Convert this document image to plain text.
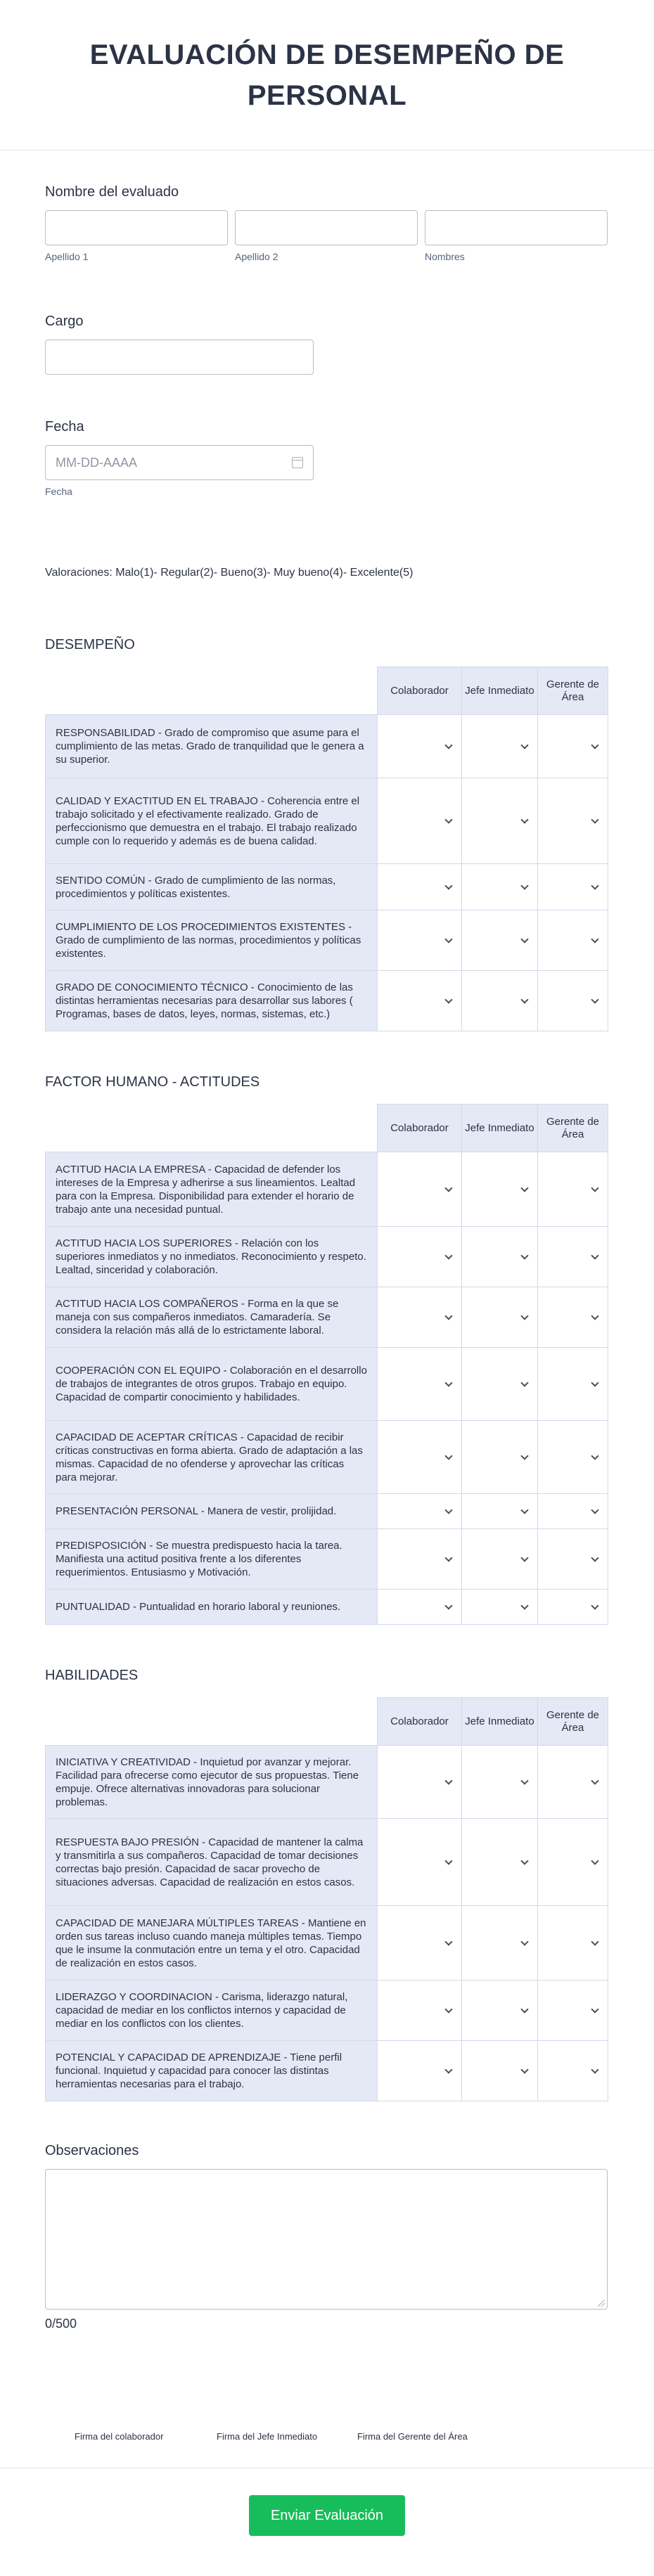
EVALUACIÓN DE DESEMPEÑO DE PERSONAL
Nombre del evaluado
Apellido 1	Apellido 2	Nombres
Cargo
Fecha
MM-DD-AAAA
Fecha
Valoraciones: Malo(1)- Regular(2)- Bueno(3)- Muy bueno(4)- Excelente(5)
DESEMPEÑO
	Colaborador	Jefe Inmediato	Gerente de Área
RESPONSABILIDAD - Grado de compromiso que asume para el cumplimiento de las metas. Grado de tranquilidad que le genera a su superior.	

CALIDAD Y EXACTITUD EN EL TRABAJO - Coherencia entre el trabajo solicitado y el efectivamente realizado. Grado de perfeccionismo que demuestra en el trabajo. El trabajo realizado cumple con lo requerido y además es de buena calidad.	

SENTIDO COMÚN - Grado de cumplimiento de las normas, procedimientos y políticas existentes.	

CUMPLIMIENTO DE LOS PROCEDIMIENTOS EXISTENTES - Grado de cumplimiento de las normas, procedimientos y políticas existentes.	

GRADO DE CONOCIMIENTO TÉCNICO - Conocimiento de las distintas herramientas necesarias para desarrollar sus labores ( Programas, bases de datos, leyes, normas, sistemas, etc.)	

FACTOR HUMANO - ACTITUDES
	Colaborador	Jefe Inmediato	Gerente de Área
ACTITUD HACIA LA EMPRESA - Capacidad de defender los intereses de la Empresa y adherirse a sus lineamientos. Lealtad para con la Empresa. Disponibilidad para extender el horario de trabajo ante una necesidad puntual.	

ACTITUD HACIA LOS SUPERIORES - Relación con los superiores inmediatos y no inmediatos. Reconocimiento y respeto. Lealtad, sinceridad y colaboración.	

ACTITUD HACIA LOS COMPAÑEROS - Forma en la que se maneja con sus compañeros inmediatos. Camaradería. Se considera la relación más allá de lo estrictamente laboral.	

COOPERACIÓN CON EL EQUIPO - Colaboración en el desarrollo de trabajos de integrantes de otros grupos. Trabajo en equipo. Capacidad de compartir conocimiento y habilidades.	

CAPACIDAD DE ACEPTAR CRÍTICAS - Capacidad de recibir críticas constructivas en forma abierta. Grado de adaptación a las mismas. Capacidad de no ofenderse y aprovechar las críticas para mejorar.	

PRESENTACIÓN PERSONAL - Manera de vestir, prolijidad.	

PREDISPOSICIÓN - Se muestra predispuesto hacia la tarea. Manifiesta una actitud positiva frente a los diferentes requerimientos. Entusiasmo y Motivación.	

PUNTUALIDAD - Puntualidad en horario laboral y reuniones.	

HABILIDADES
	Colaborador	Jefe Inmediato	Gerente de Área
INICIATIVA Y CREATIVIDAD - Inquietud por avanzar y mejorar. Facilidad para ofrecerse como ejecutor de sus propuestas. Tiene empuje. Ofrece alternativas innovadoras para solucionar problemas.	

RESPUESTA BAJO PRESIÓN - Capacidad de mantener la calma y transmitirla a sus compañeros. Capacidad de tomar decisiones correctas bajo presión. Capacidad de sacar provecho de situaciones adversas. Capacidad de realización en estos casos.	

CAPACIDAD DE MANEJARA MÚLTIPLES TAREAS - Mantiene en orden sus tareas incluso cuando maneja múltiples temas. Tiempo que le insume la conmutación entre un tema y el otro. Capacidad de realización en estos casos.	

LIDERAZGO Y COORDINACION - Carisma, liderazgo natural, capacidad de mediar en los conflictos internos y capacidad de mediar en los conflictos con los clientes.	

POTENCIAL Y CAPACIDAD DE APRENDIZAJE - Tiene perfil funcional. Inquietud y capacidad para conocer las distintas herramientas necesarias para el trabajo.	

Observaciones
0/500
Firma del colaborador	Firma del Jefe Inmediato	Firma del Gerente del Área
Enviar Evaluación
